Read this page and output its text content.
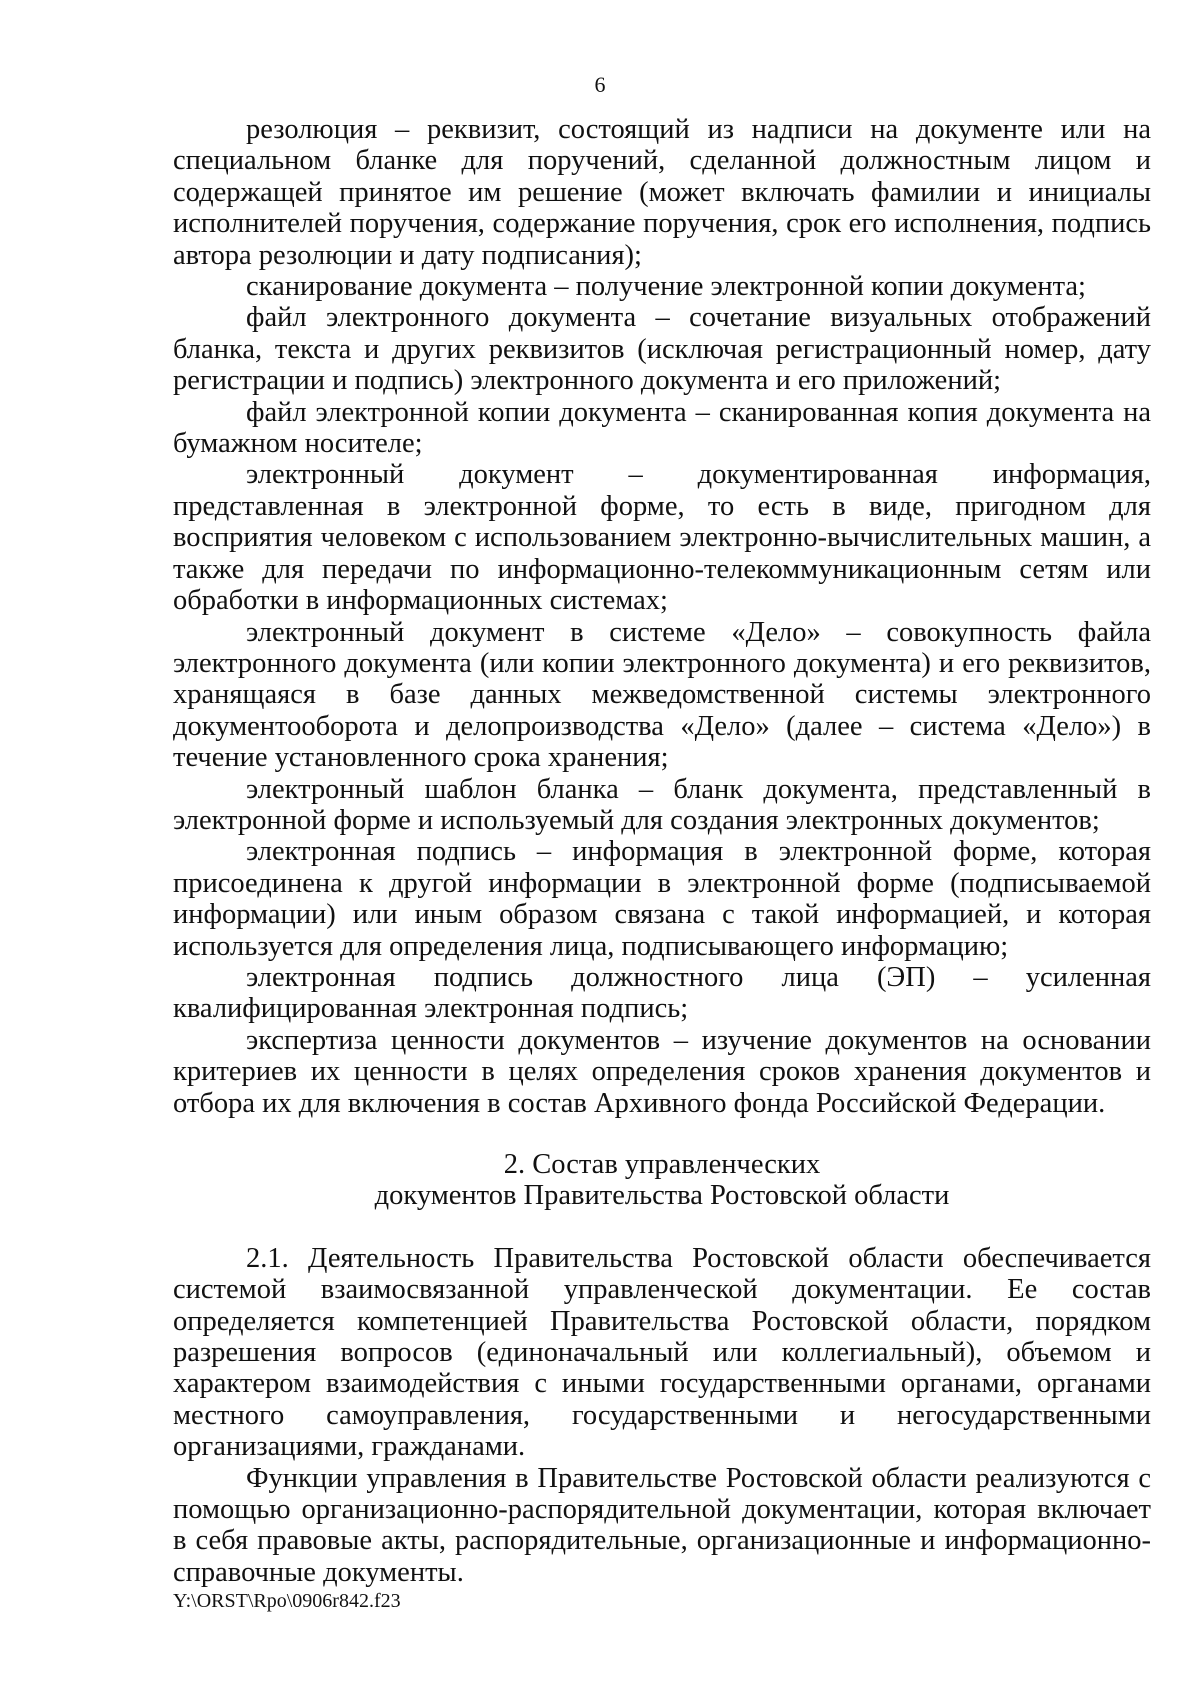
6

резолюция – реквизит, состоящий из надписи на документе или на специальном бланке для поручений, сделанной должностным лицом и содержащей принятое им решение (может включать фамилии и инициалы исполнителей поручения, содержание поручения, срок его исполнения, подпись автора резолюции и дату подписания);

сканирование документа – получение электронной копии документа;

файл электронного документа – сочетание визуальных отображений бланка, текста и других реквизитов (исключая регистрационный номер, дату регистрации и подпись) электронного документа и его приложений;

файл электронной копии документа – сканированная копия документа на бумажном носителе;

электронный документ – документированная информация, представленная в электронной форме, то есть в виде, пригодном для восприятия человеком с использованием электронно-вычислительных машин, а также для передачи по информационно-телекоммуникационным сетям или обработки в информационных системах;

электронный документ в системе «Дело» – совокупность файла электронного документа (или копии электронного документа) и его реквизитов, хранящаяся в базе данных межведомственной системы электронного документооборота и делопроизводства «Дело» (далее – система «Дело») в течение установленного срока хранения;

электронный шаблон бланка – бланк документа, представленный в электронной форме и используемый для создания электронных документов;

электронная подпись – информация в электронной форме, которая присоединена к другой информации в электронной форме (подписываемой информации) или иным образом связана с такой информацией, и которая используется для определения лица, подписывающего информацию;

электронная подпись должностного лица (ЭП) – усиленная квалифицированная электронная подпись;

экспертиза ценности документов – изучение документов на основании критериев их ценности в целях определения сроков хранения документов и отбора их для включения в состав Архивного фонда Российской Федерации.

2. Состав управленческих

документов Правительства Ростовской области

2.1. Деятельность Правительства Ростовской области обеспечивается системой взаимосвязанной управленческой документации. Ее состав определяется компетенцией Правительства Ростовской области, порядком разрешения вопросов (единоначальный или коллегиальный), объемом и характером взаимодействия с иными государственными органами, органами местного самоуправления, государственными и негосударственными организациями, гражданами.

Функции управления в Правительстве Ростовской области реализуются с помощью организационно-распорядительной документации, которая включает в себя правовые акты, распорядительные, организационные и информационно-справочные документы.

Y:\ORST\Rpo\0906r842.f23
